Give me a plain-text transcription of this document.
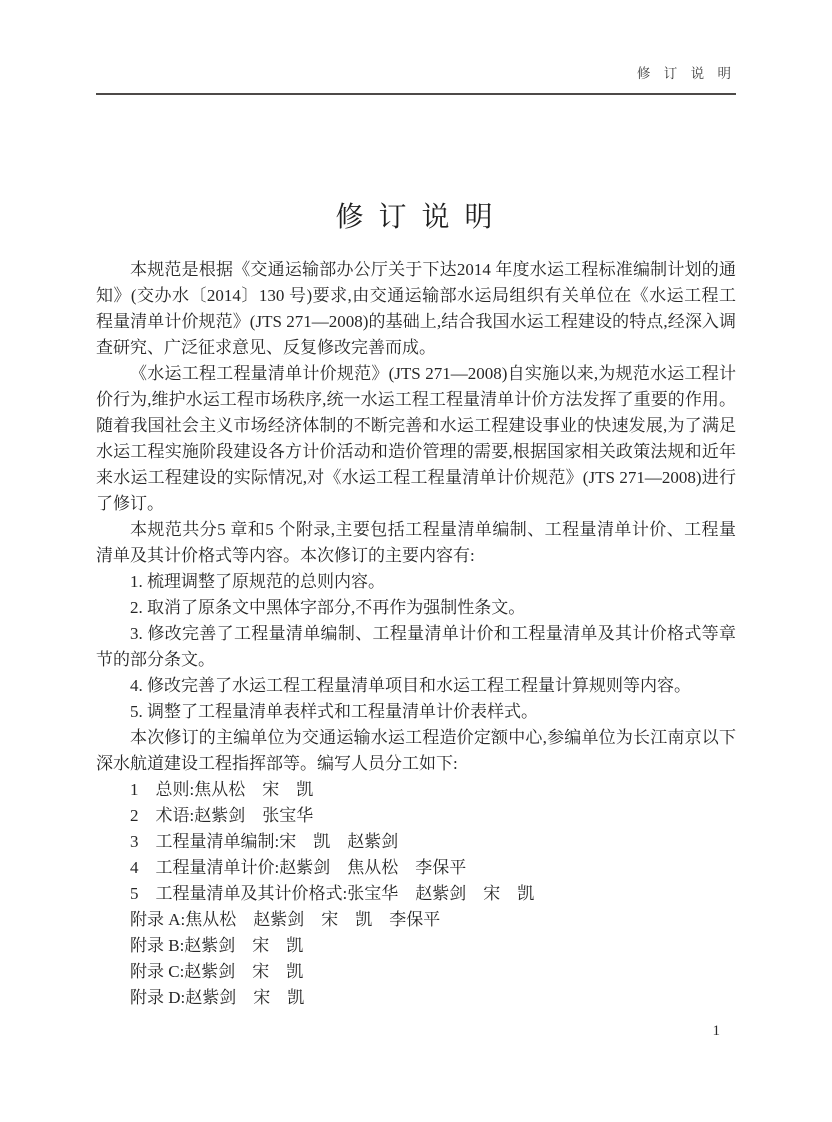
修 订 说 明
修 订 说 明

本规范是根据《交通运输部办公厅关于下达2014 年度水运工程标准编制计划的通知》(交办水〔2014〕130 号)要求,由交通运输部水运局组织有关单位在《水运工程工程量清单计价规范》(JTS 271—2008)的基础上,结合我国水运工程建设的特点,经深入调查研究、广泛征求意见、反复修改完善而成。

《水运工程工程量清单计价规范》(JTS 271—2008)自实施以来,为规范水运工程计价行为,维护水运工程市场秩序,统一水运工程工程量清单计价方法发挥了重要的作用。随着我国社会主义市场经济体制的不断完善和水运工程建设事业的快速发展,为了满足水运工程实施阶段建设各方计价活动和造价管理的需要,根据国家相关政策法规和近年来水运工程建设的实际情况,对《水运工程工程量清单计价规范》(JTS 271—2008)进行了修订。

本规范共分5 章和5 个附录,主要包括工程量清单编制、工程量清单计价、工程量清单及其计价格式等内容。本次修订的主要内容有:

1. 梳理调整了原规范的总则内容。

2. 取消了原条文中黑体字部分,不再作为强制性条文。

3. 修改完善了工程量清单编制、工程量清单计价和工程量清单及其计价格式等章节的部分条文。

4. 修改完善了水运工程工程量清单项目和水运工程工程量计算规则等内容。

5. 调整了工程量清单表样式和工程量清单计价表样式。

本次修订的主编单位为交通运输水运工程造价定额中心,参编单位为长江南京以下深水航道建设工程指挥部等。编写人员分工如下:

1　总则:焦从松　宋　凯

2　术语:赵紫剑　张宝华

3　工程量清单编制:宋　凯　赵紫剑

4　工程量清单计价:赵紫剑　焦从松　李保平

5　工程量清单及其计价格式:张宝华　赵紫剑　宋　凯

附录 A:焦从松　赵紫剑　宋　凯　李保平

附录 B:赵紫剑　宋　凯

附录 C:赵紫剑　宋　凯

附录 D:赵紫剑　宋　凯

1
